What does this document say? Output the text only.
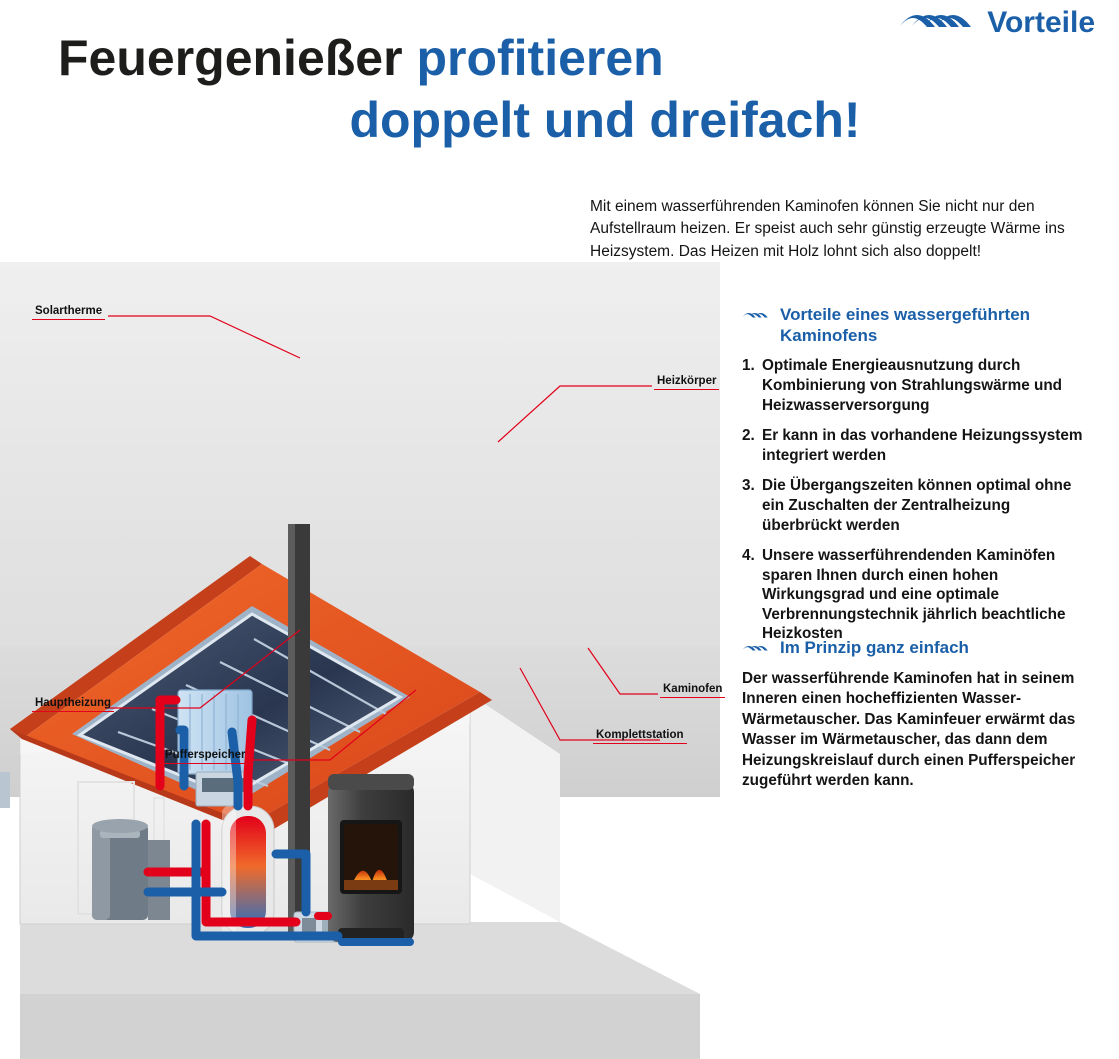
Vorteile
Feuergenießer profitieren
doppelt und dreifach!
Solartherme
Heizkörper
Kaminofen
Komplettstation
Pufferspeicher
Hauptheizung
Mit einem wasserführenden Kaminofen können Sie nicht nur den Aufstellraum heizen. Er speist auch sehr günstig erzeugte Wärme ins Heizsystem. Das Heizen mit Holz lohnt sich also doppelt!
Vorteile eines wassergeführten Kaminofens
Optimale Energieausnutzung durch Kombinierung von Strahlungswärme und Heizwasserversorgung
Er kann in das vorhandene Heizungssystem integriert werden
Die Übergangszeiten können optimal ohne ein Zuschalten der Zentralheizung überbrückt werden
Unsere wasserführendenden Kaminöfen sparen Ihnen durch einen hohen Wirkungsgrad und eine optimale Verbrennungstechnik jährlich beachtliche Heizkosten
Im Prinzip ganz einfach

Der wasserführende Kaminofen hat in seinem Inneren einen hocheffizienten Wasser-Wärmetauscher. Das Kaminfeuer erwärmt das Wasser im Wärmetauscher, das dann dem Heizungskreislauf durch einen Pufferspeicher zugeführt werden kann.
